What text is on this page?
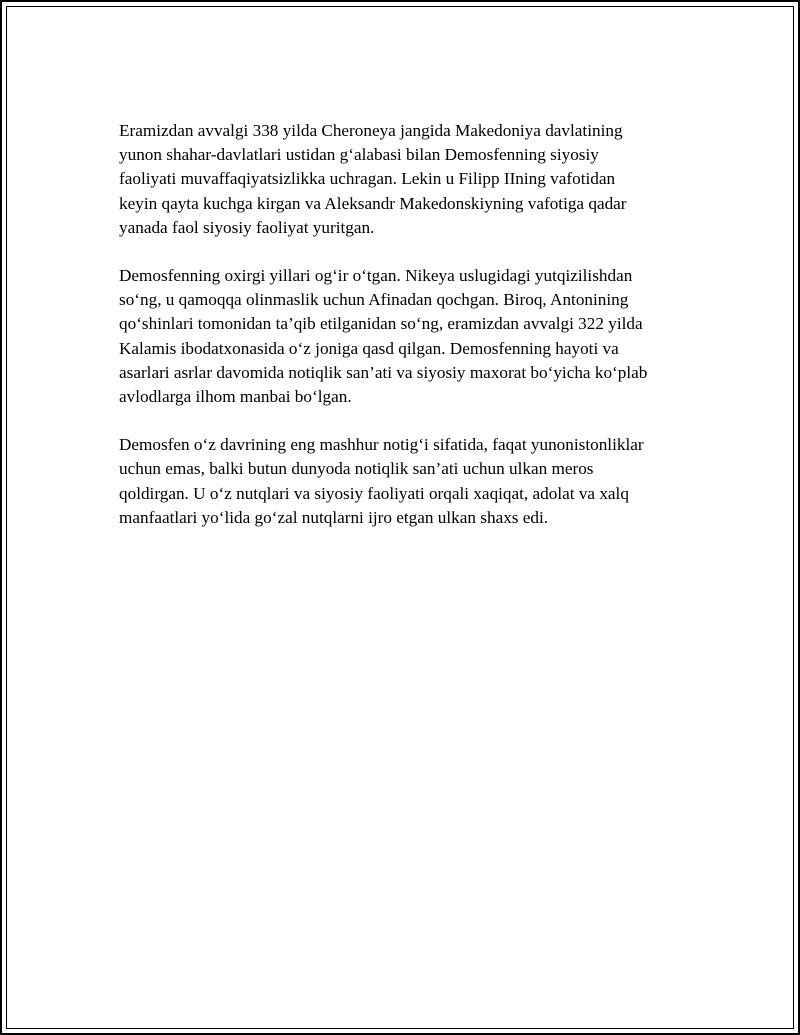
Eramizdan avvalgi 338 yilda Cheroneya jangida Makedoniya davlatining
yunon shahar-davlatlari ustidan g‘alabasi bilan Demosfenning siyosiy
faoliyati muvaffaqiyatsizlikka uchragan. Lekin u Filipp IIning vafotidan
keyin qayta kuchga kirgan va Aleksandr Makedonskiyning vafotiga qadar
yanada faol siyosiy faoliyat yuritgan.

Demosfenning oxirgi yillari og‘ir o‘tgan. Nikeya uslugidagi yutqizilishdan
so‘ng, u qamoqqa olinmaslik uchun Afinadan qochgan. Biroq, Antonining
qo‘shinlari tomonidan ta’qib etilganidan so‘ng, eramizdan avvalgi 322 yilda
Kalamis ibodatxonasida o‘z joniga qasd qilgan. Demosfenning hayoti va
asarlari asrlar davomida notiqlik san’ati va siyosiy maxorat bo‘yicha ko‘plab
avlodlarga ilhom manbai bo‘lgan.

Demosfen o‘z davrining eng mashhur notig‘i sifatida, faqat yunonistonliklar
uchun emas, balki butun dunyoda notiqlik san’ati uchun ulkan meros
qoldirgan. U o‘z nutqlari va siyosiy faoliyati orqali xaqiqat, adolat va xalq
manfaatlari yo‘lida go‘zal nutqlarni ijro etgan ulkan shaxs edi.
